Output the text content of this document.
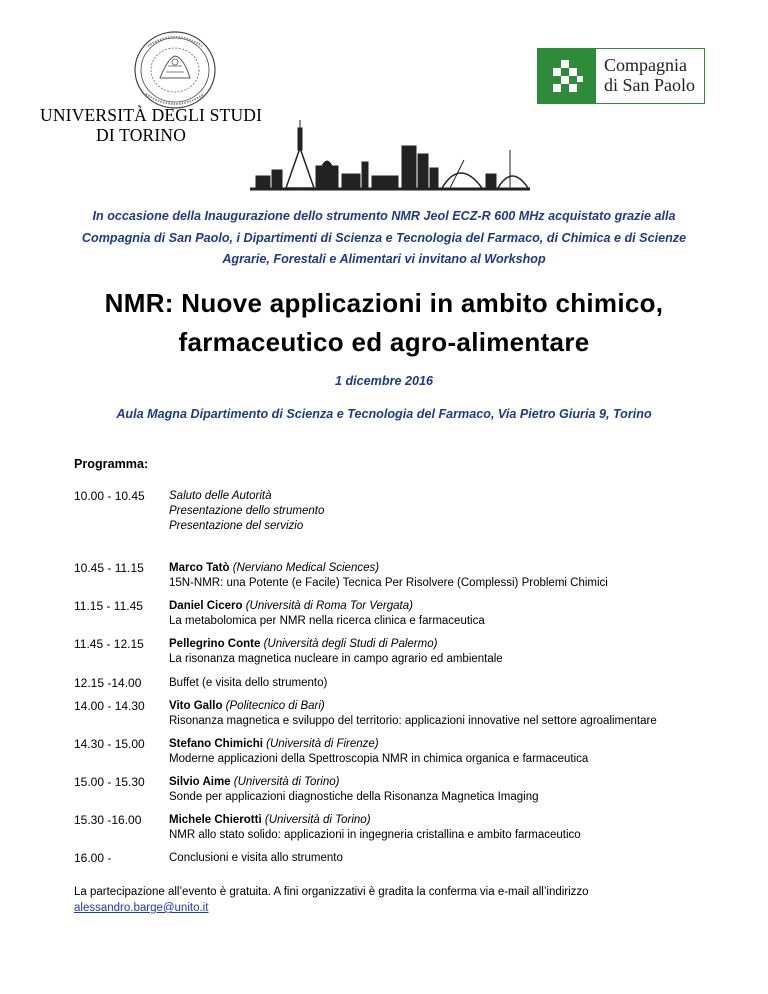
UNIVERSITÀ DEGLI STUDI
DI TORINO
Compagnia
di San Paolo
In occasione della Inaugurazione dello strumento NMR Jeol ECZ-R 600 MHz acquistato grazie alla Compagnia di San Paolo, i Dipartimenti di Scienza e Tecnologia del Farmaco, di Chimica e di Scienze Agrarie, Forestali e Alimentari vi invitano al Workshop
NMR: Nuove applicazioni in ambito chimico,
farmaceutico ed agro-alimentare
1 dicembre 2016
Aula Magna Dipartimento di Scienza e Tecnologia del Farmaco, Via Pietro Giuria 9, Torino
Programma:
10.00 - 10.45	Saluto delle Autorità
Presentazione dello strumento
Presentazione del servizio
10.45 - 11.15	Marco Tatò (Nerviano Medical Sciences)
15N-NMR: una Potente (e Facile) Tecnica Per Risolvere (Complessi) Problemi Chimici
11.15 - 11.45	Daniel Cicero (Università di Roma Tor Vergata)
La metabolomica per NMR nella ricerca clinica e farmaceutica
11.45 - 12.15	Pellegrino Conte (Università degli Studi di Palermo)
La risonanza magnetica nucleare in campo agrario ed ambientale
12.15 -14.00	Buffet (e visita dello strumento)
14.00 - 14.30	Vito Gallo (Politecnico di Bari)
Risonanza magnetica e sviluppo del territorio: applicazioni innovative nel settore agroalimentare
14.30 - 15.00	Stefano Chimichi (Università di Firenze)
Moderne applicazioni della Spettroscopia NMR in chimica organica e farmaceutica
15.00 - 15.30	Silvio Aime (Università di Torino)
Sonde per applicazioni diagnostiche della Risonanza Magnetica Imaging
15.30 -16.00	Michele Chierotti (Università di Torino)
NMR allo stato solido: applicazioni in ingegneria cristallina e ambito farmaceutico
16.00 -	Conclusioni e visita allo strumento
La partecipazione all’evento è gratuita. A fini organizzativi è gradita la conferma via e-mail all’indirizzo
alessandro.barge@unito.it
